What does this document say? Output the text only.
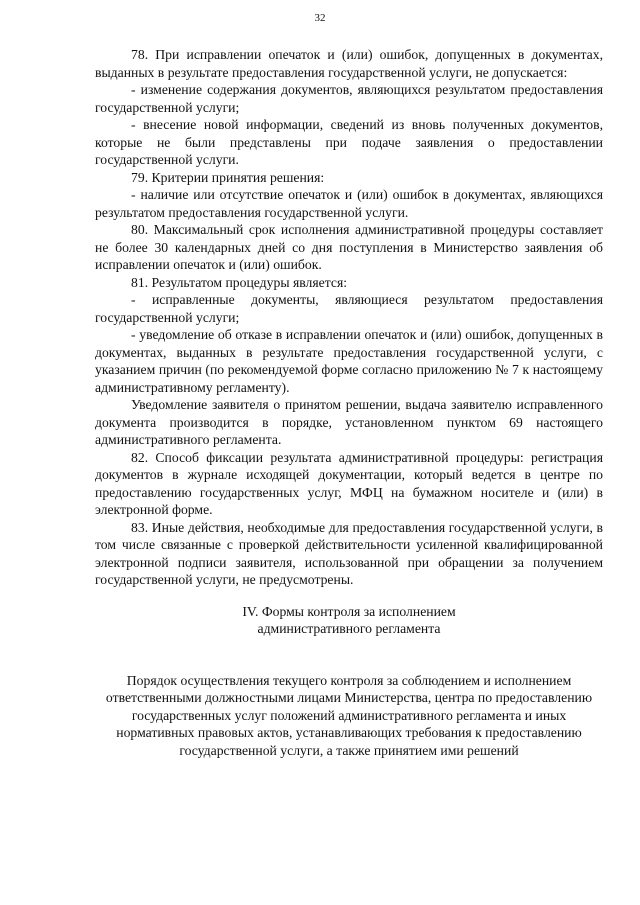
32
78. При исправлении опечаток и (или) ошибок, допущенных в документах, выданных в результате предоставления государственной услуги, не допускается:
- изменение содержания документов, являющихся результатом предоставления государственной услуги;
- внесение новой информации, сведений из вновь полученных документов, которые не были представлены при подаче заявления о предоставлении государственной услуги.
79. Критерии принятия решения:
- наличие или отсутствие опечаток и (или) ошибок в документах, являющихся результатом предоставления государственной услуги.
80. Максимальный срок исполнения административной процедуры составляет не более 30 календарных дней со дня поступления в Министерство заявления об исправлении опечаток и (или) ошибок.
81. Результатом процедуры является:
- исправленные документы, являющиеся результатом предоставления государственной услуги;
- уведомление об отказе в исправлении опечаток и (или) ошибок, допущенных в документах, выданных в результате предоставления государственной услуги, с указанием причин (по рекомендуемой форме согласно приложению № 7 к настоящему административному регламенту).
Уведомление заявителя о принятом решении, выдача заявителю исправленного документа производится в порядке, установленном пунктом 69 настоящего административного регламента.
82. Способ фиксации результата административной процедуры: регистрация документов в журнале исходящей документации, который ведется в центре по предоставлению государственных услуг, МФЦ на бумажном носителе и (или) в электронной форме.
83. Иные действия, необходимые для предоставления государственной услуги, в том числе связанные с проверкой действительности усиленной квалифицированной электронной подписи заявителя, использованной при обращении за получением государственной услуги, не предусмотрены.
IV. Формы контроля за исполнением
административного регламента
Порядок осуществления текущего контроля за соблюдением и исполнением ответственными должностными лицами Министерства, центра по предоставлению государственных услуг положений административного регламента и иных нормативных правовых актов, устанавливающих требования к предоставлению государственной услуги, а также принятием ими решений
